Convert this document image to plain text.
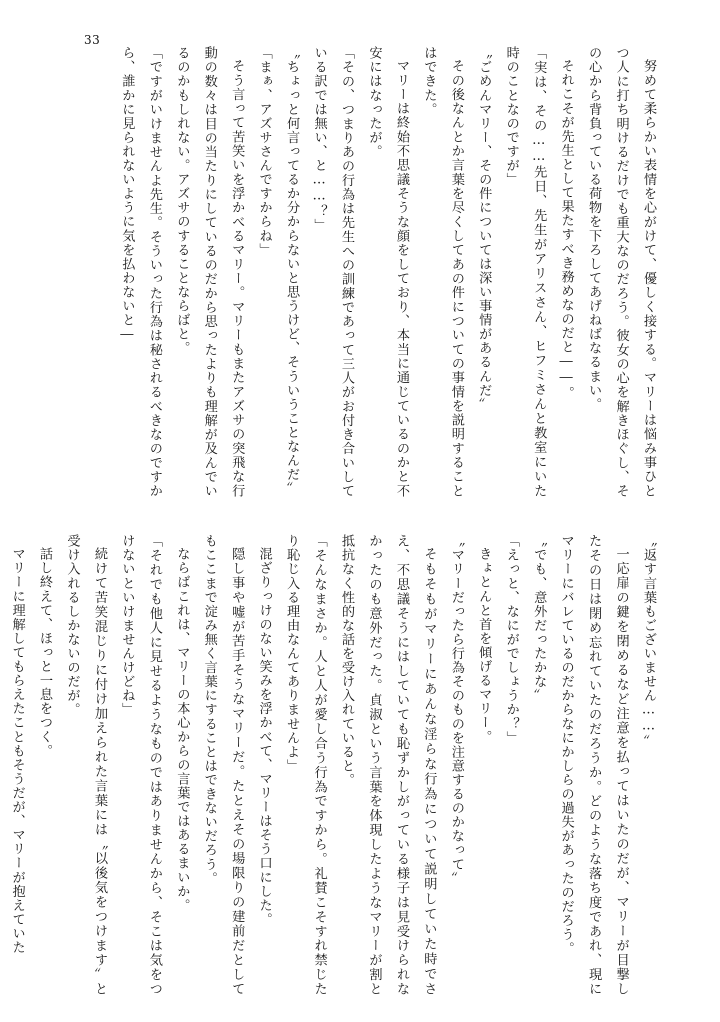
33

努めて柔らかい表情を心がけて、優しく接する。マリーは悩み事ひとつ人に打ち明けるだけでも重大なのだろう。彼女の心を解きほぐし、その心から背負っている荷物を下ろしてあげねばなるまい。

それこそが先生として果たすべき務めなのだと――。

「実は、その……先日、先生がアリスさん、ヒフミさんと教室にいた時のことなのですが」

〝ごめんマリー、その件については深い事情があるんだ〟

その後なんとか言葉を尽くしてあの件についての事情を説明することはできた。

マリーは終始不思議そうな顔をしており、本当に通じているのかと不安にはなったが。

「その、つまりあの行為は先生への訓練であって三人がお付き合いしている訳では無い、と……？」

〝ちょっと何言ってるか分からないと思うけど、そういうことなんだ〟

「まぁ、アズサさんですからね」

そう言って苦笑いを浮かべるマリー。マリーもまたアズサの突飛な行動の数々は目の当たりにしているのだから思ったよりも理解が及んでいるのかもしれない。アズサのすることならばと。

「ですがいけませんよ先生。そういった行為は秘されるべきなのですから、誰かに見られないように気を払わないと―

〝返す言葉もございません……〟

一応扉の鍵を閉めるなど注意を払ってはいたのだが、マリーが目撃したその日は閉め忘れていたのだろうか。どのような落ち度であれ、現にマリーにバレているのだからなにかしらの過失があったのだろう。

〝でも、意外だったかな〟

「えっと、なにがでしょうか？」

きょとんと首を傾げるマリー。

〝マリーだったら行為そのものを注意するのかなって〟

そもそもがマリーにあんな淫らな行為について説明していた時でさえ、不思議そうにはしていても恥ずかしがっている様子は見受けられなかったのも意外だった。貞淑という言葉を体現したようなマリーが割と抵抗なく性的な話を受け入れていると。

「そんなまさか。人と人が愛し合う行為ですから。礼賛こそすれ禁じたり恥じ入る理由なんてありませんよ」

混ざりっけのない笑みを浮かべて、マリーはそう口にした。

隠し事や嘘が苦手そうなマリーだ。たとえその場限りの建前だとしてもここまで淀み無く言葉にすることはできないだろう。

ならばこれは、マリーの本心からの言葉ではあるまいか。

「それでも他人に見せるようなものではありませんから、そこは気をつけないといけませんけどね」

続けて苦笑混じりに付け加えられた言葉には〝以後気をつけます〟と受け入れるしかないのだが。

話し終えて、ほっと一息をつく。

マリーに理解してもらえたこともそうだが、マリーが抱えていた
